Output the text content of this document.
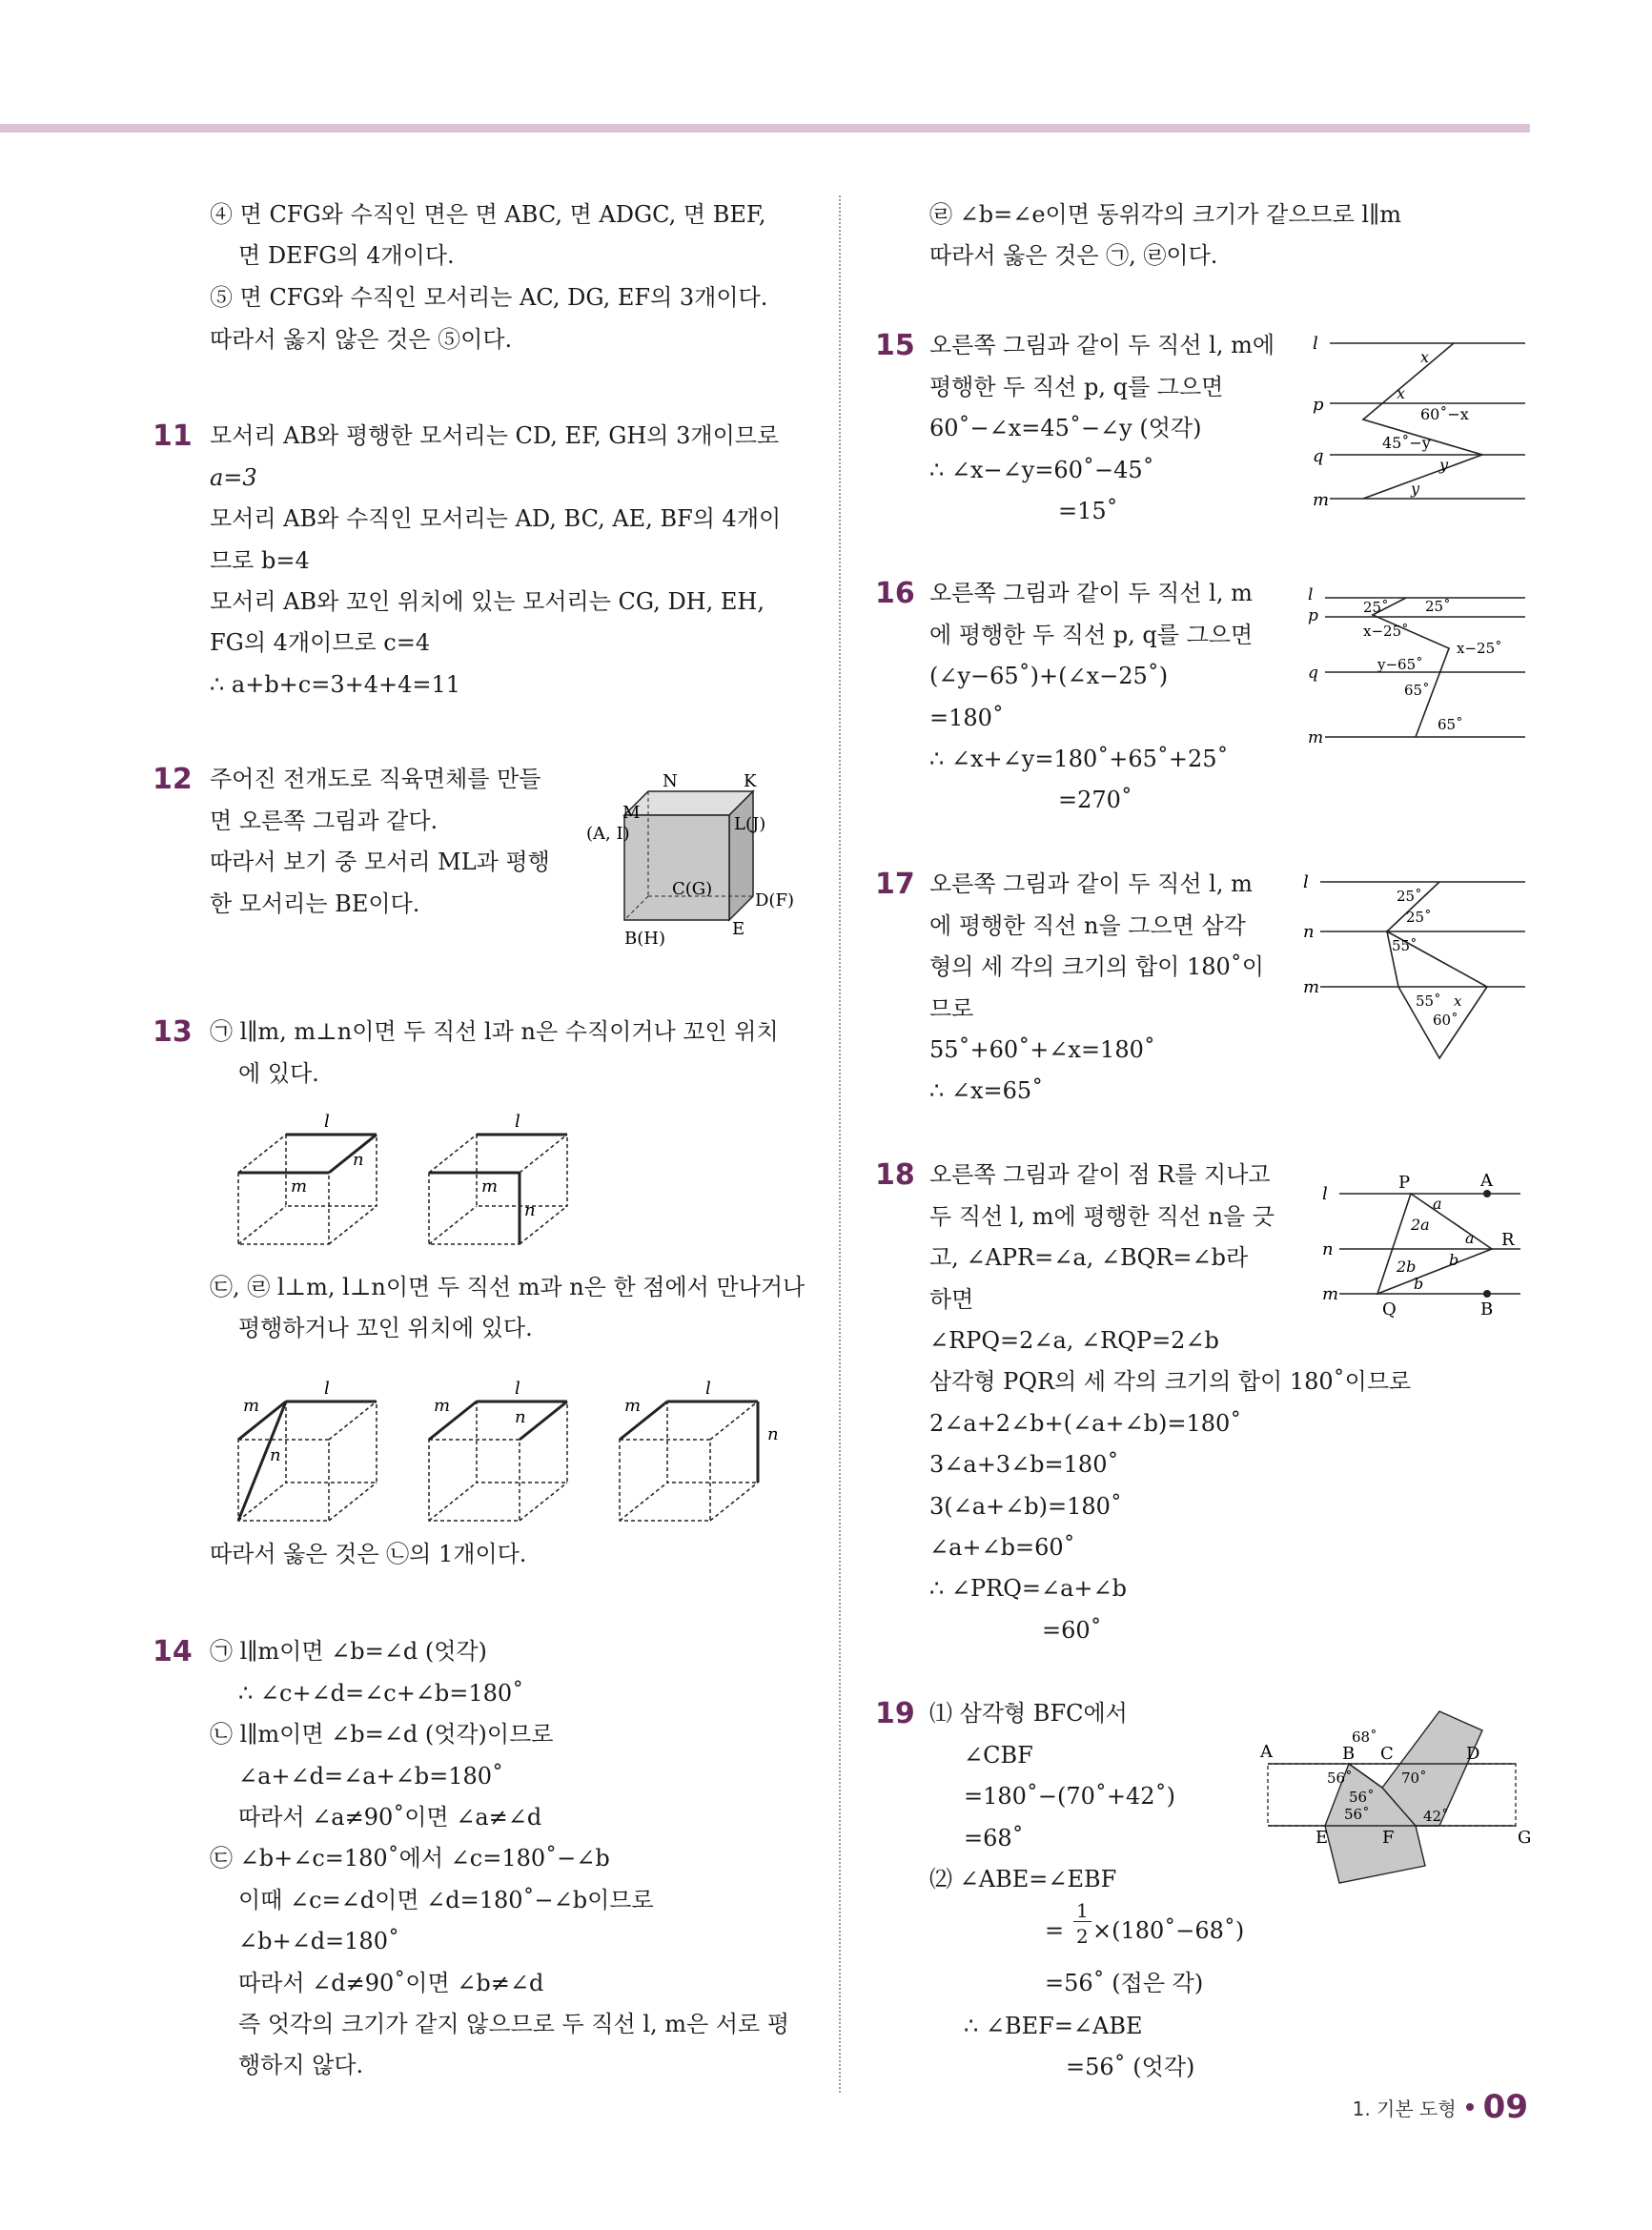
④ 면 CFG와 수직인 면은 면 ABC, 면 ADGC, 면 BEF,
면 DEFG의 4개이다.
⑤ 면 CFG와 수직인 모서리는 AC, DG, EF의 3개이다.
따라서 옳지 않은 것은 ⑤이다.
11 모서리 AB와 평행한 모서리는 CD, EF, GH의 3개이므로
a=3
모서리 AB와 수직인 모서리는 AD, BC, AE, BF의 4개이
므로 b=4
모서리 AB와 꼬인 위치에 있는 모서리는 CG, DH, EH,
FG의 4개이므로 c=4
∴ a+b+c=3+4+4=11
12 주어진 전개도로 직육면체를 만들
면 오른쪽 그림과 같다.
따라서 보기 중 모서리 ML과 평행
한 모서리는 BE이다.
N	K
M
(A, I)	L(J)
C(G)
D(F)
B(H)	E
13 ㉠ l∥m, m⊥n이면 두 직선 l과 n은 수직이거나 꼬인 위치
에 있다.
㉢, ㉣ l⊥m, l⊥n이면 두 직선 m과 n은 한 점에서 만나거나
평행하거나 꼬인 위치에 있다.
따라서 옳은 것은 ㉡의 1개이다.
l
m
n
l
m
n
l
m
n
l
m
n
l
m
n
14 ㉠ l∥m이면 ∠b=∠d (엇각)
∴ ∠c+∠d=∠c+∠b=180˚
㉡ l∥m이면 ∠b=∠d (엇각)이므로
∠a+∠d=∠a+∠b=180˚
따라서 ∠a≠90˚이면 ∠a≠∠d
㉢ ∠b+∠c=180˚에서 ∠c=180˚−∠b
이때 ∠c=∠d이면 ∠d=180˚−∠b이므로
∠b+∠d=180˚
따라서 ∠d≠90˚이면 ∠b≠∠d
즉 엇각의 크기가 같지 않으므로 두 직선 l, m은 서로 평
행하지 않다.
㉣ ∠b=∠e이면 동위각의 크기가 같으므로 l∥m
따라서 옳은 것은 ㉠, ㉣이다.
15 오른쪽 그림과 같이 두 직선 l, m에
평행한 두 직선 p, q를 그으면
60˚−∠x=45˚−∠y (엇각)
∴ ∠x−∠y=60˚−45˚
=15˚
l
p
q
m
x
x
60˚−x
45˚−y
y
y
16 오른쪽 그림과 같이 두 직선 l, m
에 평행한 두 직선 p, q를 그으면
(∠y−65˚)+(∠x−25˚)
=180˚
∴ ∠x+∠y=180˚+65˚+25˚
=270˚
l
p
q
m
25˚	25˚
x−25˚
x−25˚
y−65˚
65˚
65˚
17 오른쪽 그림과 같이 두 직선 l, m
에 평행한 직선 n을 그으면 삼각
형의 세 각의 크기의 합이 180˚이
므로
55˚+60˚+∠x=180˚
∴ ∠x=65˚
l
n
m
25˚
25˚
55˚
55˚ x
60˚
18 오른쪽 그림과 같이 점 R를 지나고
두 직선 l, m에 평행한 직선 n을 긋
고, ∠APR=∠a, ∠BQR=∠b라
하면
∠RPQ=2∠a, ∠RQP=2∠b
삼각형 PQR의 세 각의 크기의 합이 180˚이므로
2∠a+2∠b+(∠a+∠b)=180˚
3∠a+3∠b=180˚
3(∠a+∠b)=180˚
∠a+∠b=60˚
∴ ∠PRQ=∠a+∠b
=60˚
l
n
m
P	A
a
2a
a R
2b b
b
Q	B
19 ⑴ 삼각형 BFC에서
∠CBF
=180˚−(70˚+42˚)
=68˚
⑵ ∠ABE=∠EBF
=
1
2 ×(180˚−68˚)
=56˚ (접은 각)
∴ ∠BEF=∠ABE
=56˚ (엇각)
A	B C	D
E	F	G
68˚
56˚
56˚
56˚
70˚
42˚
1. 기본 도형 09
